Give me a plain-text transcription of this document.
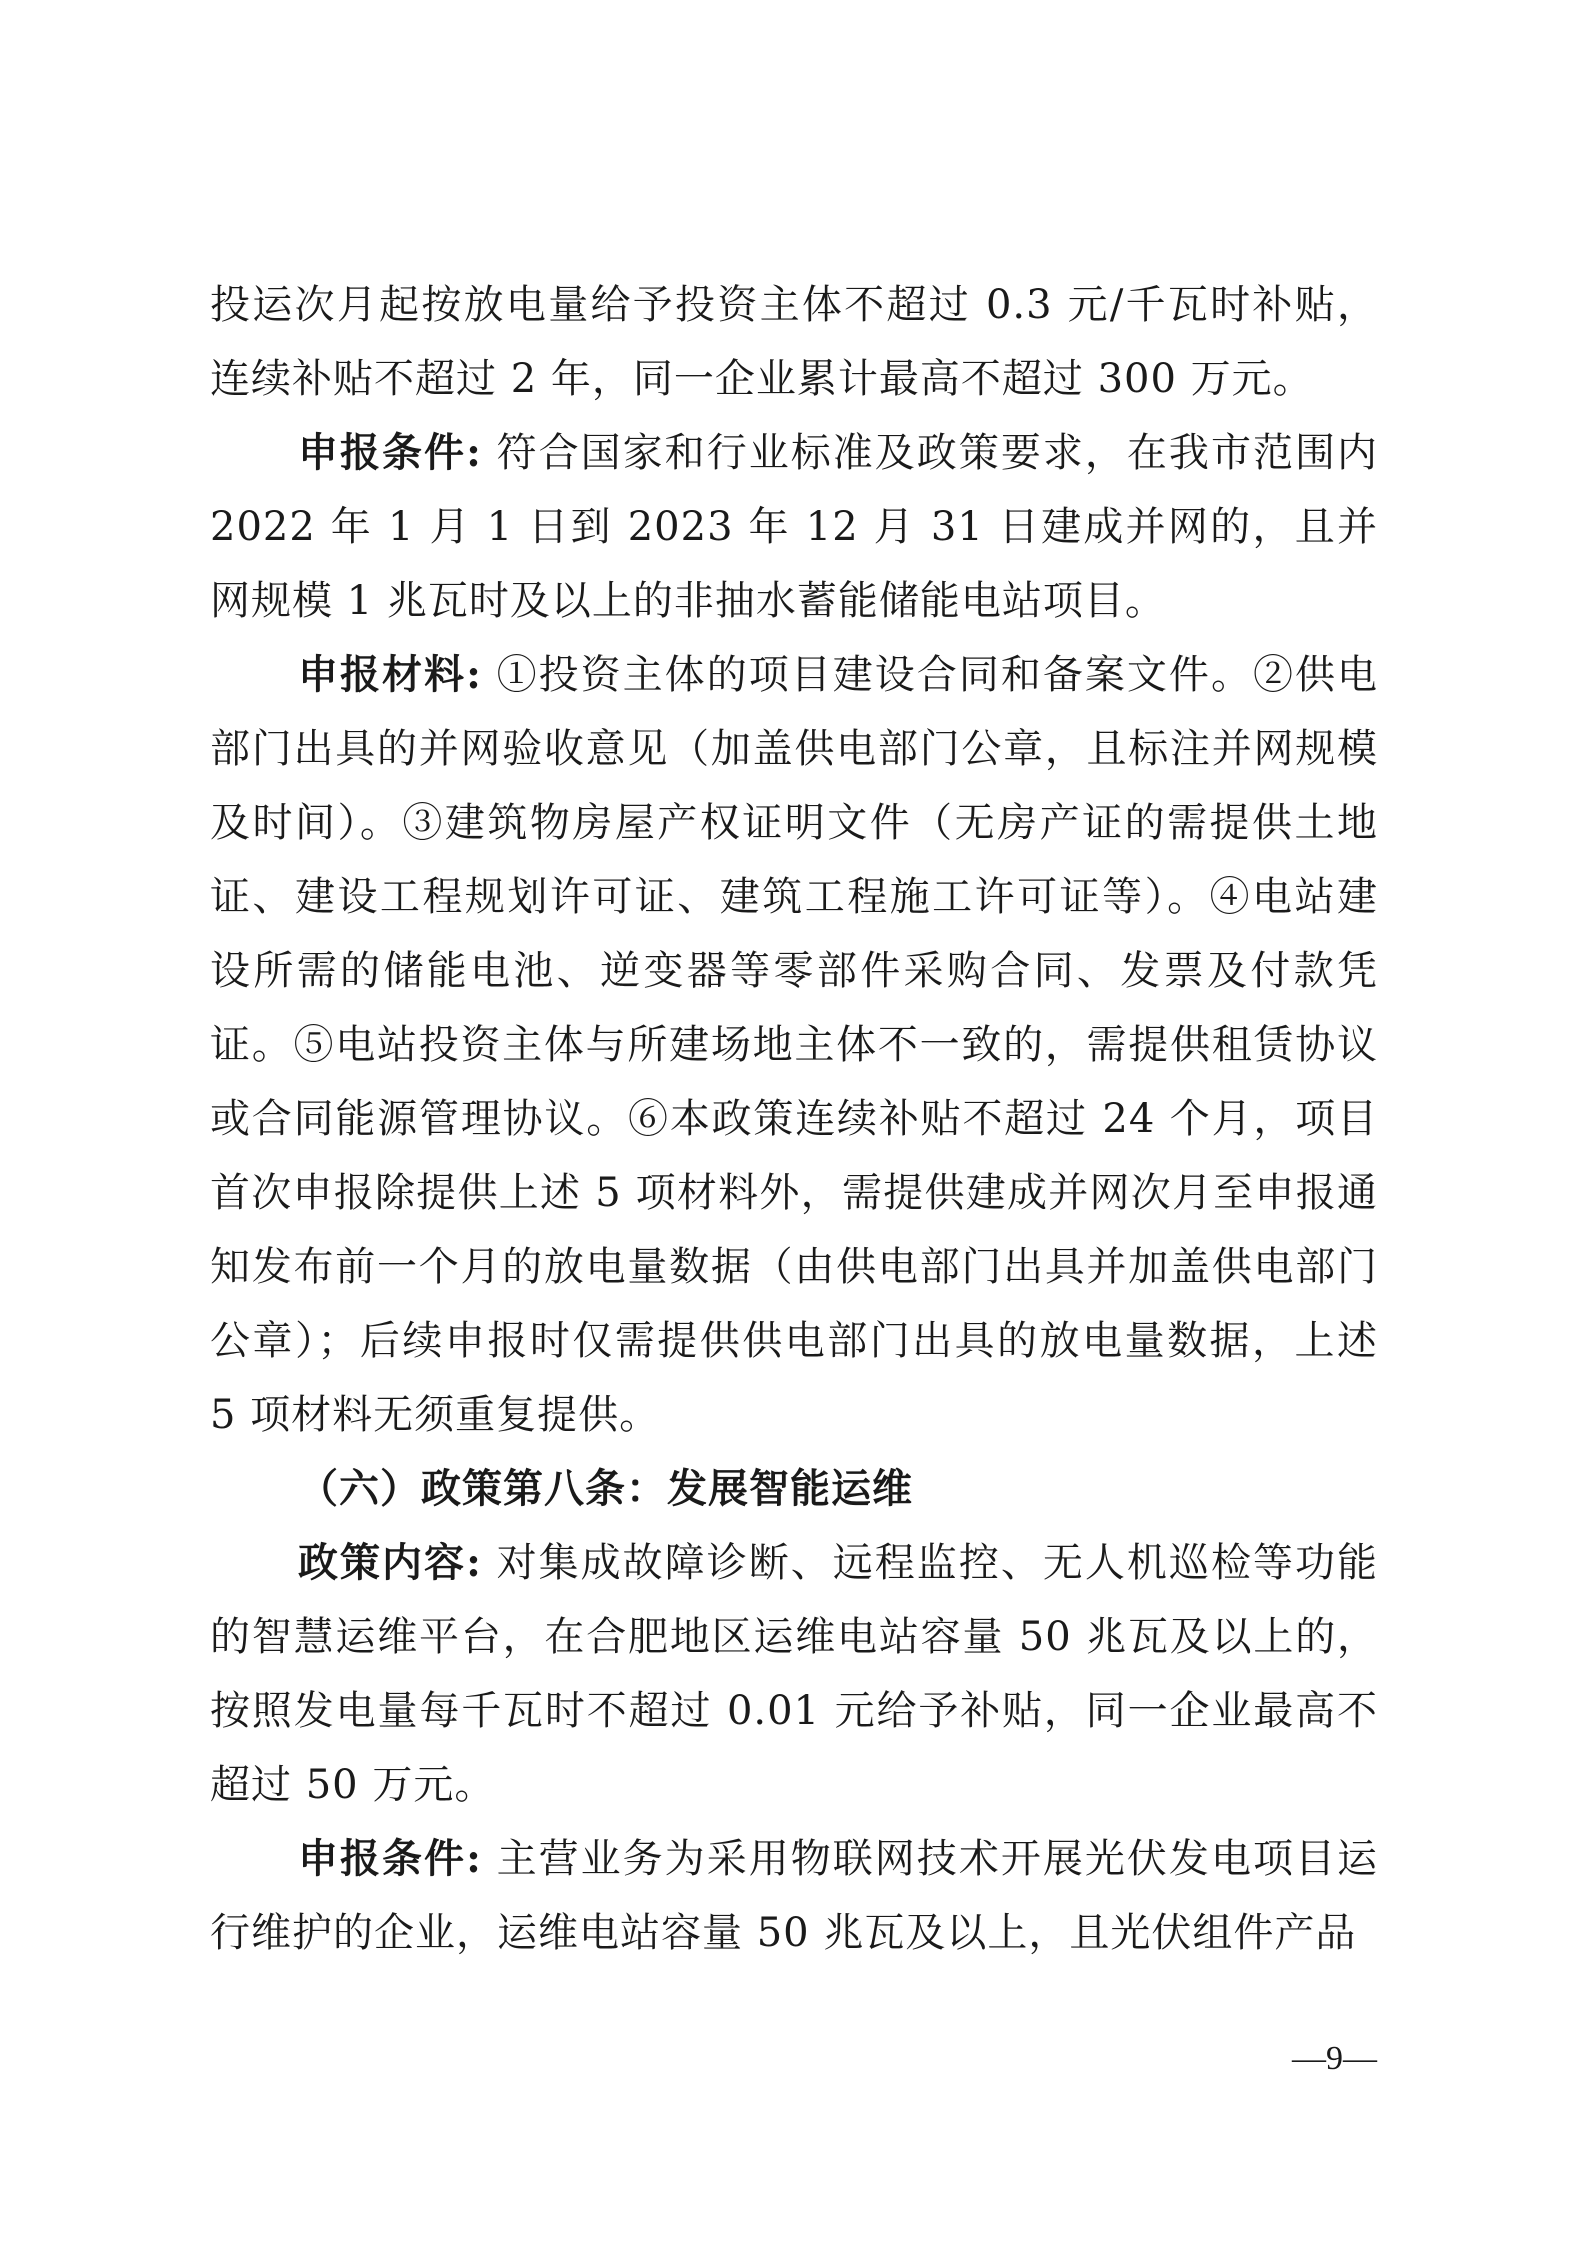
投运次月起按放电量给予投资主体不超过 0.3 元/千瓦时补贴，连续补贴不超过 2 年，同一企业累计最高不超过 300 万元。

申报条件: 符合国家和行业标准及政策要求，在我市范围内 2022 年 1 月 1 日到 2023 年 12 月 31 日建成并网的，且并网规模 1 兆瓦时及以上的非抽水蓄能储能电站项目。

申报材料: ①投资主体的项目建设合同和备案文件。②供电部门出具的并网验收意见（加盖供电部门公章，且标注并网规模及时间）。③建筑物房屋产权证明文件（无房产证的需提供土地证、建设工程规划许可证、建筑工程施工许可证等）。④电站建设所需的储能电池、逆变器等零部件采购合同、发票及付款凭证。⑤电站投资主体与所建场地主体不一致的，需提供租赁协议或合同能源管理协议。⑥本政策连续补贴不超过 24 个月，项目首次申报除提供上述 5 项材料外，需提供建成并网次月至申报通知发布前一个月的放电量数据（由供电部门出具并加盖供电部门公章）；后续申报时仅需提供供电部门出具的放电量数据，上述 5 项材料无须重复提供。

（六）政策第八条：发展智能运维

政策内容: 对集成故障诊断、远程监控、无人机巡检等功能的智慧运维平台，在合肥地区运维电站容量 50 兆瓦及以上的，按照发电量每千瓦时不超过 0.01 元给予补贴，同一企业最高不超过 50 万元。

申报条件: 主营业务为采用物联网技术开展光伏发电项目运行维护的企业，运维电站容量 50 兆瓦及以上，且光伏组件产品

—9—
